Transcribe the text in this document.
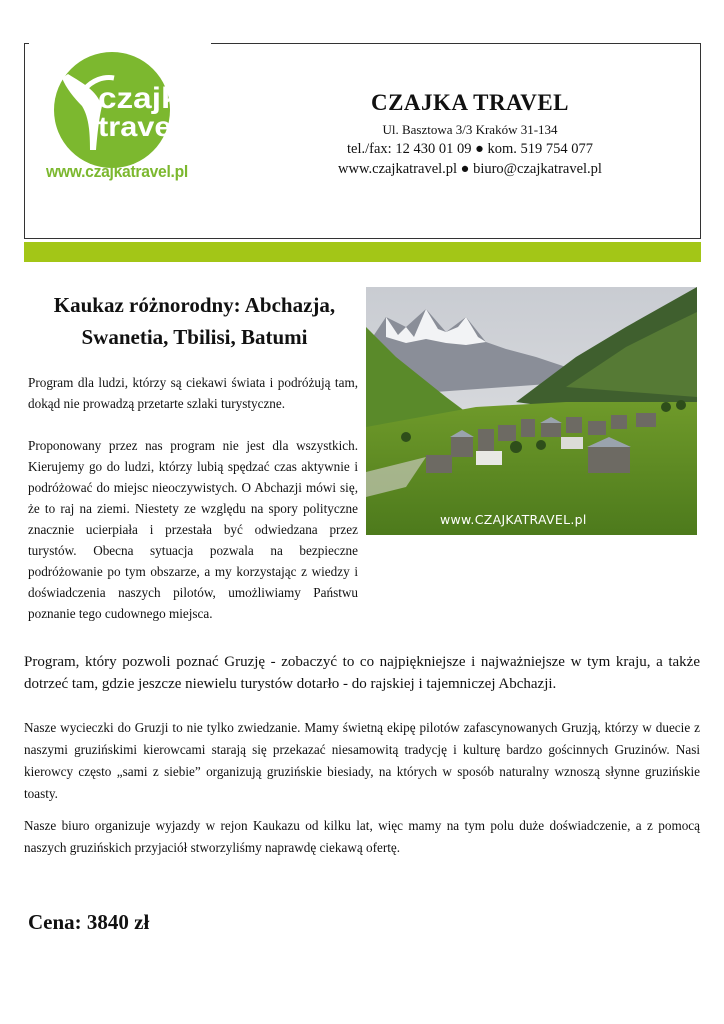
czajka
travel
www.czajkatravel.pl
CZAJKA TRAVEL
Ul. Basztowa 3/3 Kraków 31-134
tel./fax: 12 430 01 09 ● kom. 519 754 077
www.czajkatravel.pl ● biuro@czajkatravel.pl
Kaukaz różnorodny: Abchazja,
Swanetia, Tbilisi, Batumi

Program dla ludzi, którzy są ciekawi świata i podróżują tam, dokąd nie prowadzą przetarte szlaki turystyczne.

Proponowany przez nas program nie jest dla wszystkich. Kierujemy go do ludzi, którzy lubią spędzać czas aktywnie i podróżować do miejsc nieoczywistych. O Abchazji mówi się, że to raj na ziemi. Niestety ze względu na spory polityczne znacznie ucierpiała i przestała być odwiedzana przez turystów. Obecna sytuacja pozwala na bezpieczne podróżowanie po tym obszarze, a my korzystając z wiedzy i doświadczenia naszych pilotów, umożliwiamy Państwu poznanie tego cudownego miejsca.

www.CZAJKATRAVEL.pl

Program, który pozwoli poznać Gruzję - zobaczyć to co najpiękniejsze i najważniejsze w tym kraju, a także dotrzeć tam, gdzie jeszcze niewielu turystów dotarło - do rajskiej i tajemniczej Abchazji.

Nasze wycieczki do Gruzji to nie tylko zwiedzanie. Mamy świetną ekipę pilotów zafascynowanych Gruzją, którzy w duecie z naszymi gruzińskimi kierowcami starają się przekazać niesamowitą tradycję i kulturę bardzo gościnnych Gruzinów. Nasi kierowcy często „sami z siebie” organizują gruzińskie biesiady, na których w sposób naturalny wznoszą słynne gruzińskie toasty.

Nasze biuro organizuje wyjazdy w rejon Kaukazu od kilku lat, więc mamy na tym polu duże doświadczenie, a z pomocą naszych gruzińskich przyjaciół stworzyliśmy naprawdę ciekawą ofertę.

Cena: 3840 zł
